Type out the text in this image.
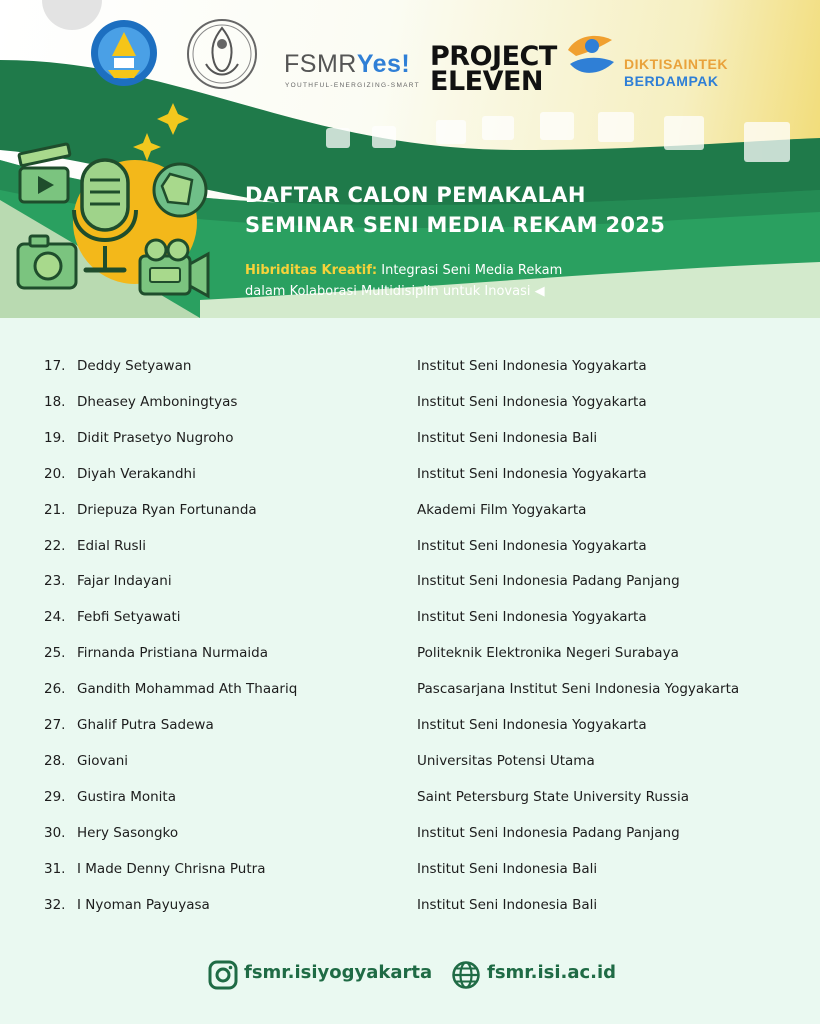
FSMRYes!
YOUTHFUL-ENERGIZING-SMART
PROJECT
ELEVEN
DIKTISAINTEK
BERDAMPAK
DAFTAR CALON PEMAKALAH
SEMINAR SENI MEDIA REKAM 2025
Hibriditas Kreatif: Integrasi Seni Media Rekam
dalam Kolaborasi Multidisiplin untuk Inovasi ◀
17. Deddy Setyawan	Institut Seni Indonesia Yogyakarta
18. Dheasey Amboningtyas	Institut Seni Indonesia Yogyakarta
19. Didit Prasetyo Nugroho	Institut Seni Indonesia Bali
20. Diyah Verakandhi	Institut Seni Indonesia Yogyakarta
21. Driepuza Ryan Fortunanda	Akademi Film Yogyakarta
22. Edial Rusli	Institut Seni Indonesia Yogyakarta
23. Fajar Indayani	Institut Seni Indonesia Padang Panjang
24. Febfi Setyawati	Institut Seni Indonesia Yogyakarta
25. Firnanda Pristiana Nurmaida	Politeknik Elektronika Negeri Surabaya
26. Gandith Mohammad Ath Thaariq	Pascasarjana Institut Seni Indonesia Yogyakarta
27. Ghalif Putra Sadewa	Institut Seni Indonesia Yogyakarta
28. Giovani	Universitas Potensi Utama
29. Gustira Monita	Saint Petersburg State University Russia
30. Hery Sasongko	Institut Seni Indonesia Padang Panjang
31. I Made Denny Chrisna Putra	Institut Seni Indonesia Bali
32. I Nyoman Payuyasa	Institut Seni Indonesia Bali
fsmr.isiyogyakarta	fsmr.isi.ac.id
